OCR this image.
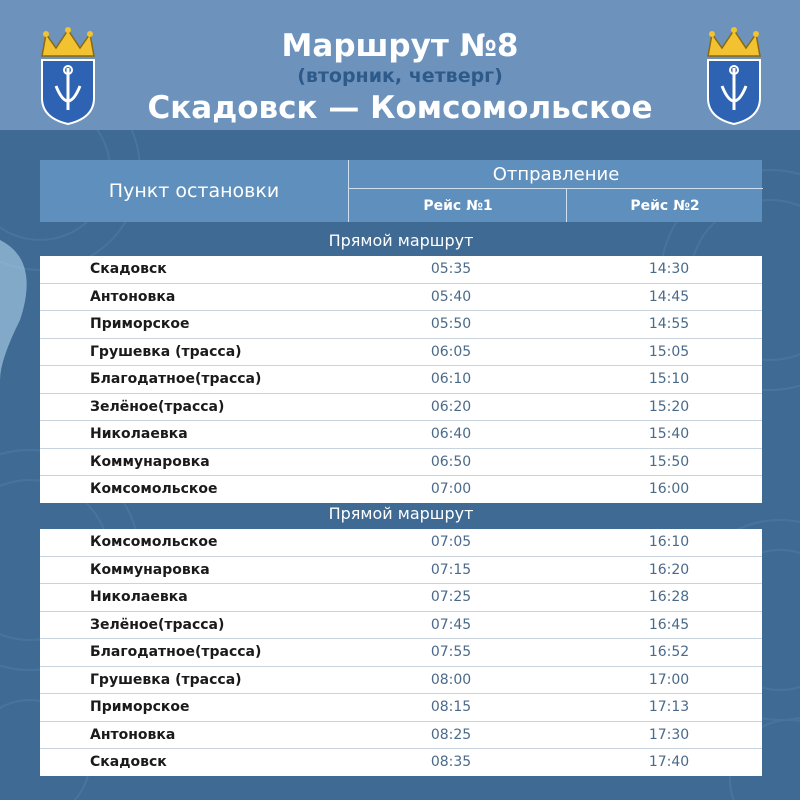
Маршрут №8
(вторник, четверг)
Скадовск — Комсомольское
Пункт остановки
Отправление
Рейс №1	Рейс №2
Прямой маршрут
Скадовск	05:35	14:30
Антоновка	05:40	14:45
Приморское	05:50	14:55
Грушевка (трасса)	06:05	15:05
Благодатное(трасса)	06:10	15:10
Зелёное(трасса)	06:20	15:20
Николаевка	06:40	15:40
Коммунаровка	06:50	15:50
Комсомольское	07:00	16:00
Прямой маршрут
Комсомольское	07:05	16:10
Коммунаровка	07:15	16:20
Николаевка	07:25	16:28
Зелёное(трасса)	07:45	16:45
Благодатное(трасса)	07:55	16:52
Грушевка (трасса)	08:00	17:00
Приморское	08:15	17:13
Антоновка	08:25	17:30
Скадовск	08:35	17:40
